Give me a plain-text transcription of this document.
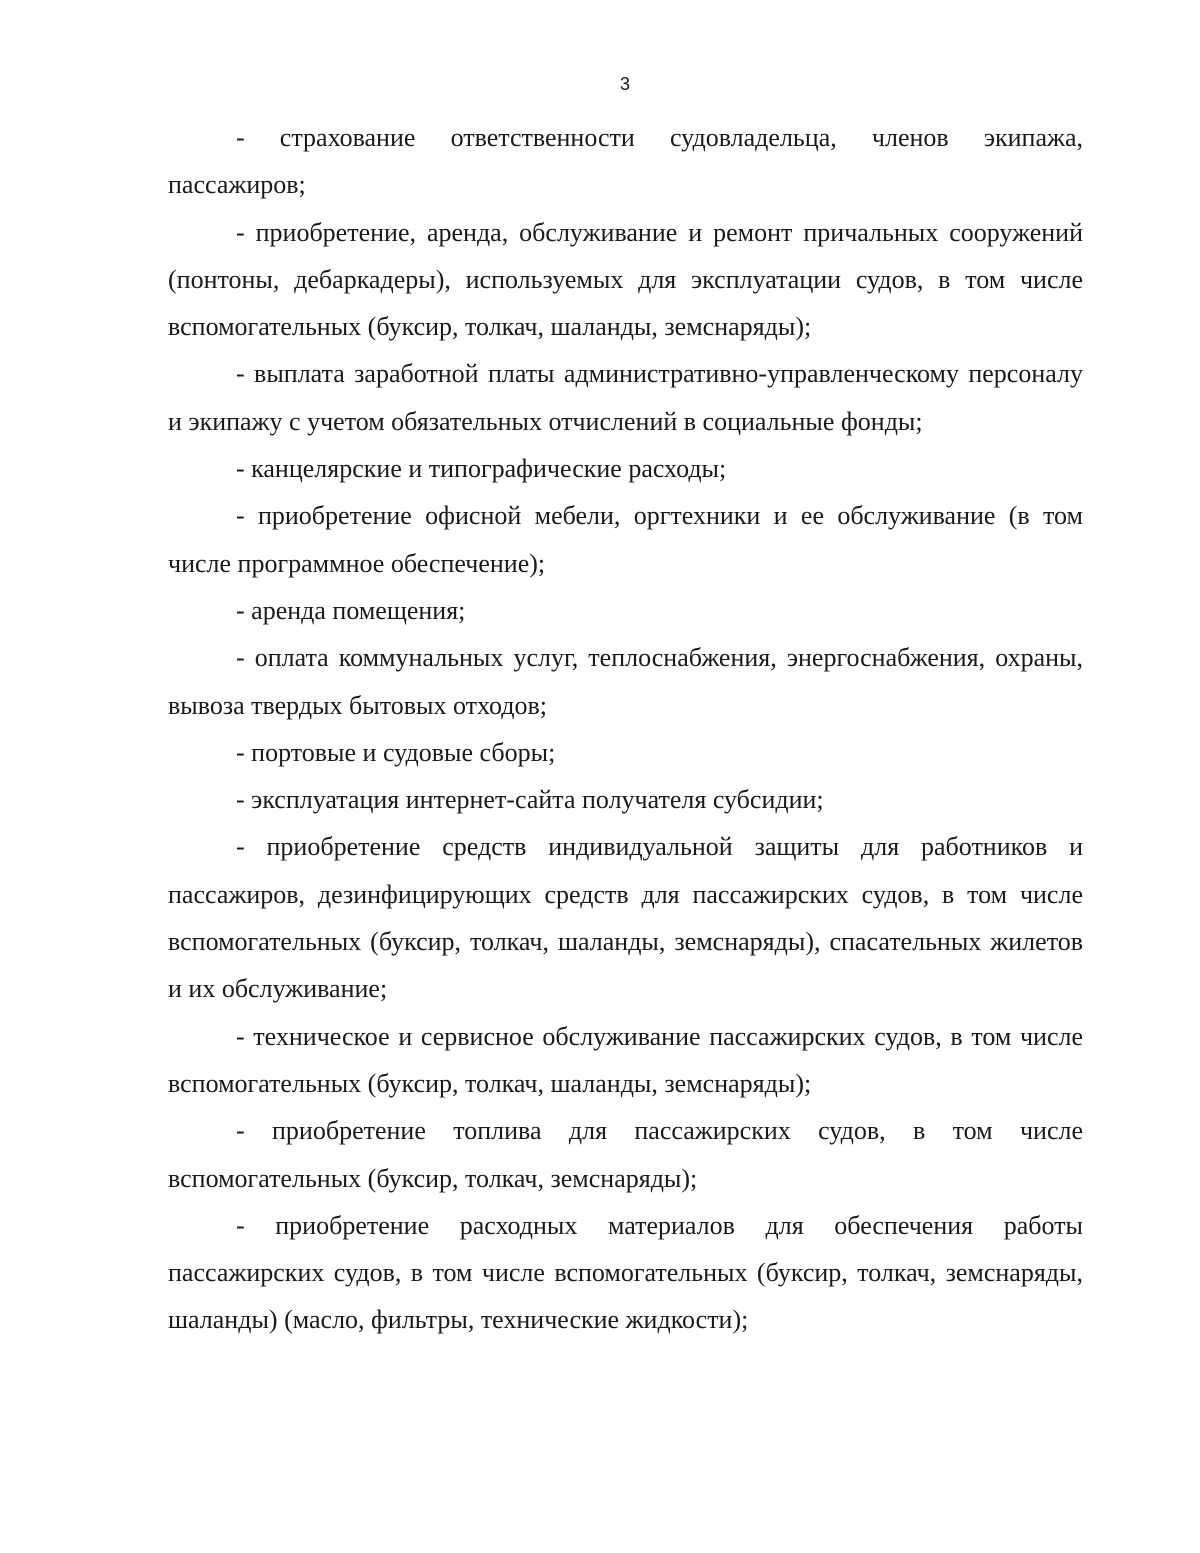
3

- страхование ответственности судовладельца, членов экипажа, пассажиров;

- приобретение, аренда, обслуживание и ремонт причальных сооружений (понтоны, дебаркадеры), используемых для эксплуатации судов, в том числе вспомогательных (буксир, толкач, шаланды, земснаряды);

- выплата заработной платы административно-управленческому персоналу и экипажу с учетом обязательных отчислений в социальные фонды;

- канцелярские и типографические расходы;

- приобретение офисной мебели, оргтехники и ее обслуживание (в том числе программное обеспечение);

- аренда помещения;

- оплата коммунальных услуг, теплоснабжения, энергоснабжения, охраны, вывоза твердых бытовых отходов;

- портовые и судовые сборы;

- эксплуатация интернет-сайта получателя субсидии;

- приобретение средств индивидуальной защиты для работников и пассажиров, дезинфицирующих средств для пассажирских судов, в том числе вспомогательных (буксир, толкач, шаланды, земснаряды), спасательных жилетов и их обслуживание;

- техническое и сервисное обслуживание пассажирских судов, в том числе вспомогательных (буксир, толкач, шаланды, земснаряды);

- приобретение топлива для пассажирских судов, в том числе вспомогательных (буксир, толкач, земснаряды);

- приобретение расходных материалов для обеспечения работы пассажирских судов, в том числе вспомогательных (буксир, толкач, земснаряды, шаланды) (масло, фильтры, технические жидкости);
